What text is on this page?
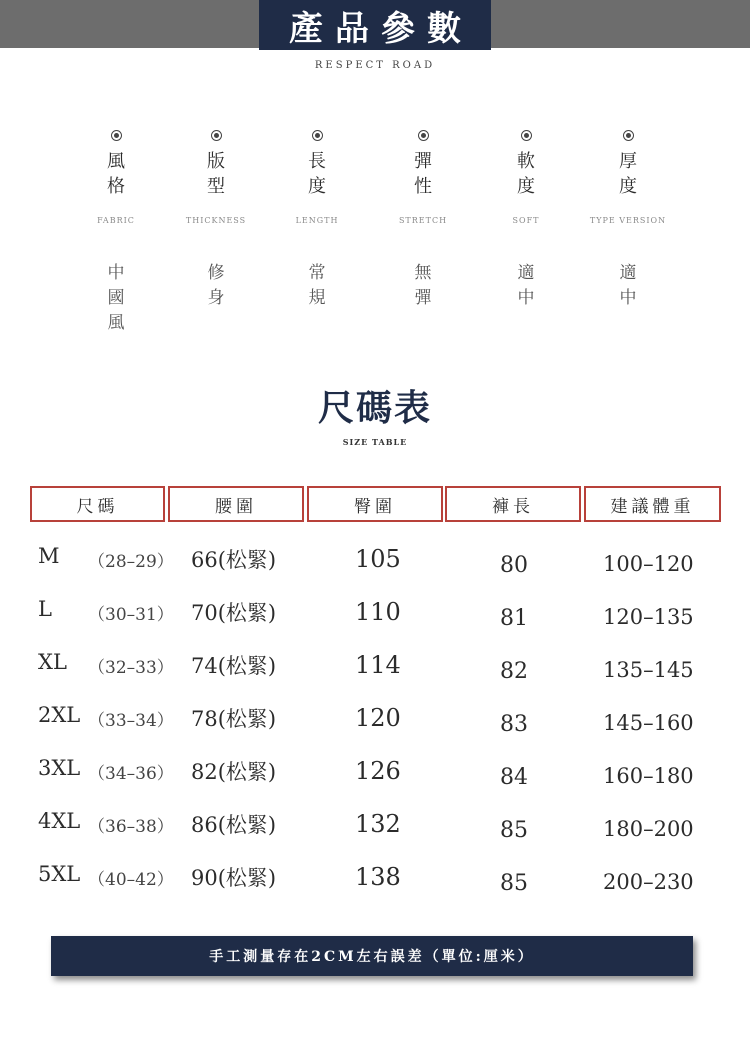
產品參數
RESPECT ROAD
風格
FABRIC
中國風
版型
THICKNESS
修身
長度
LENGTH
常規
彈性
STRETCH
無彈
軟度
SOFT
適中
厚度
TYPE VERSION
適中
尺碼表
SIZE TABLE
尺碼	腰圍	臀圍	褲長	建議體重
M （28–29） 66(松緊)	105	80	100–120
L （30–31） 70(松緊)	110	81	120–135
XL （32–33） 74(松緊)	114	82	135–145
2XL （33–34） 78(松緊)	120	83	145–160
3XL （34–36） 82(松緊)	126	84	160–180
4XL （36–38） 86(松緊)	132	85	180–200
5XL （40–42） 90(松緊)	138	85	200–230
手工測量存在2CM左右誤差（單位:厘米）
